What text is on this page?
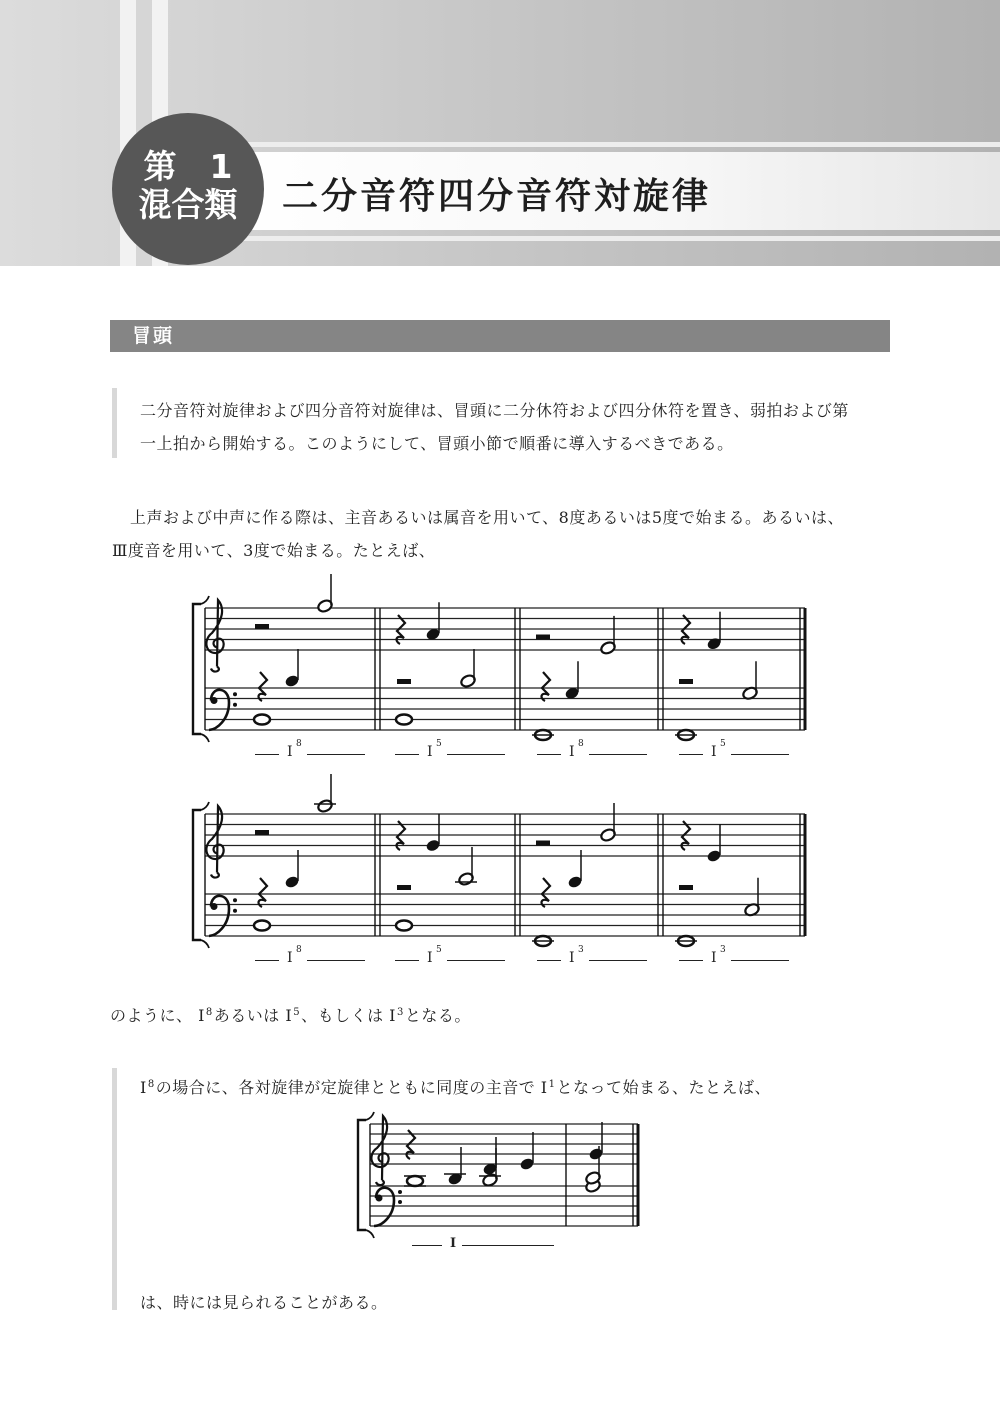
第　1
混合類	二分音符四分音符対旋律
冒頭
二分音符対旋律および四分音符対旋律は、冒頭に二分休符および四分休符を置き、弱拍および第
一上拍から開始する。このようにして、冒頭小節で順番に導入するべきである。
上声および中声に作る際は、主音あるいは属音を用いて、8度あるいは5度で始まる。あるいは、
Ⅲ度音を用いて、3度で始まる。たとえば、
I 8	I 5	I 8	I 5
I 8	I 5	I 3	I 3
のように、 $I^8$あるいは $I^5$、もしくは $I^3$となる。
$I^8$の場合に、各対旋律が定旋律とともに同度の主音で $I^1$となって始まる、たとえば、
I
は、時には見られることがある。
